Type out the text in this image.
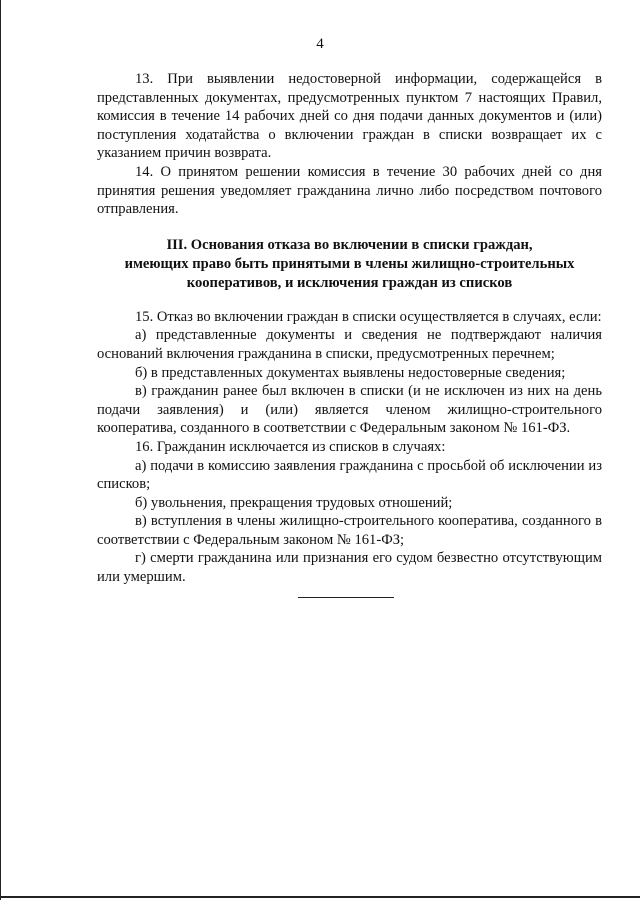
4

13. При выявлении недостоверной информации, содержащейся в представленных документах, предусмотренных пунктом 7 настоящих Правил, комиссия в течение 14 рабочих дней со дня подачи данных документов и (или) поступления ходатайства о включении граждан в списки возвращает их с указанием причин возврата.

14. О принятом решении комиссия в течение 30 рабочих дней со дня принятия решения уведомляет гражданина лично либо посредством почтового отправления.

III. Основания отказа во включении в списки граждан,
имеющих право быть принятыми в члены жилищно-строительных
кооперативов, и исключения граждан из списков

15. Отказ во включении граждан в списки осуществляется в случаях, если:

а) представленные документы и сведения не подтверждают наличия оснований включения гражданина в списки, предусмотренных перечнем;

б) в представленных документах выявлены недостоверные сведения;

в) гражданин ранее был включен в списки (и не исключен из них на день подачи заявления) и (или) является членом жилищно-строительного кооператива, созданного в соответствии с Федеральным законом № 161-ФЗ.

16. Гражданин исключается из списков в случаях:

а) подачи в комиссию заявления гражданина с просьбой об исключении из списков;

б) увольнения, прекращения трудовых отношений;

в) вступления в члены жилищно-строительного кооператива, созданного в соответствии с Федеральным законом № 161-ФЗ;

г) смерти гражданина или признания его судом безвестно отсутствующим или умершим.
